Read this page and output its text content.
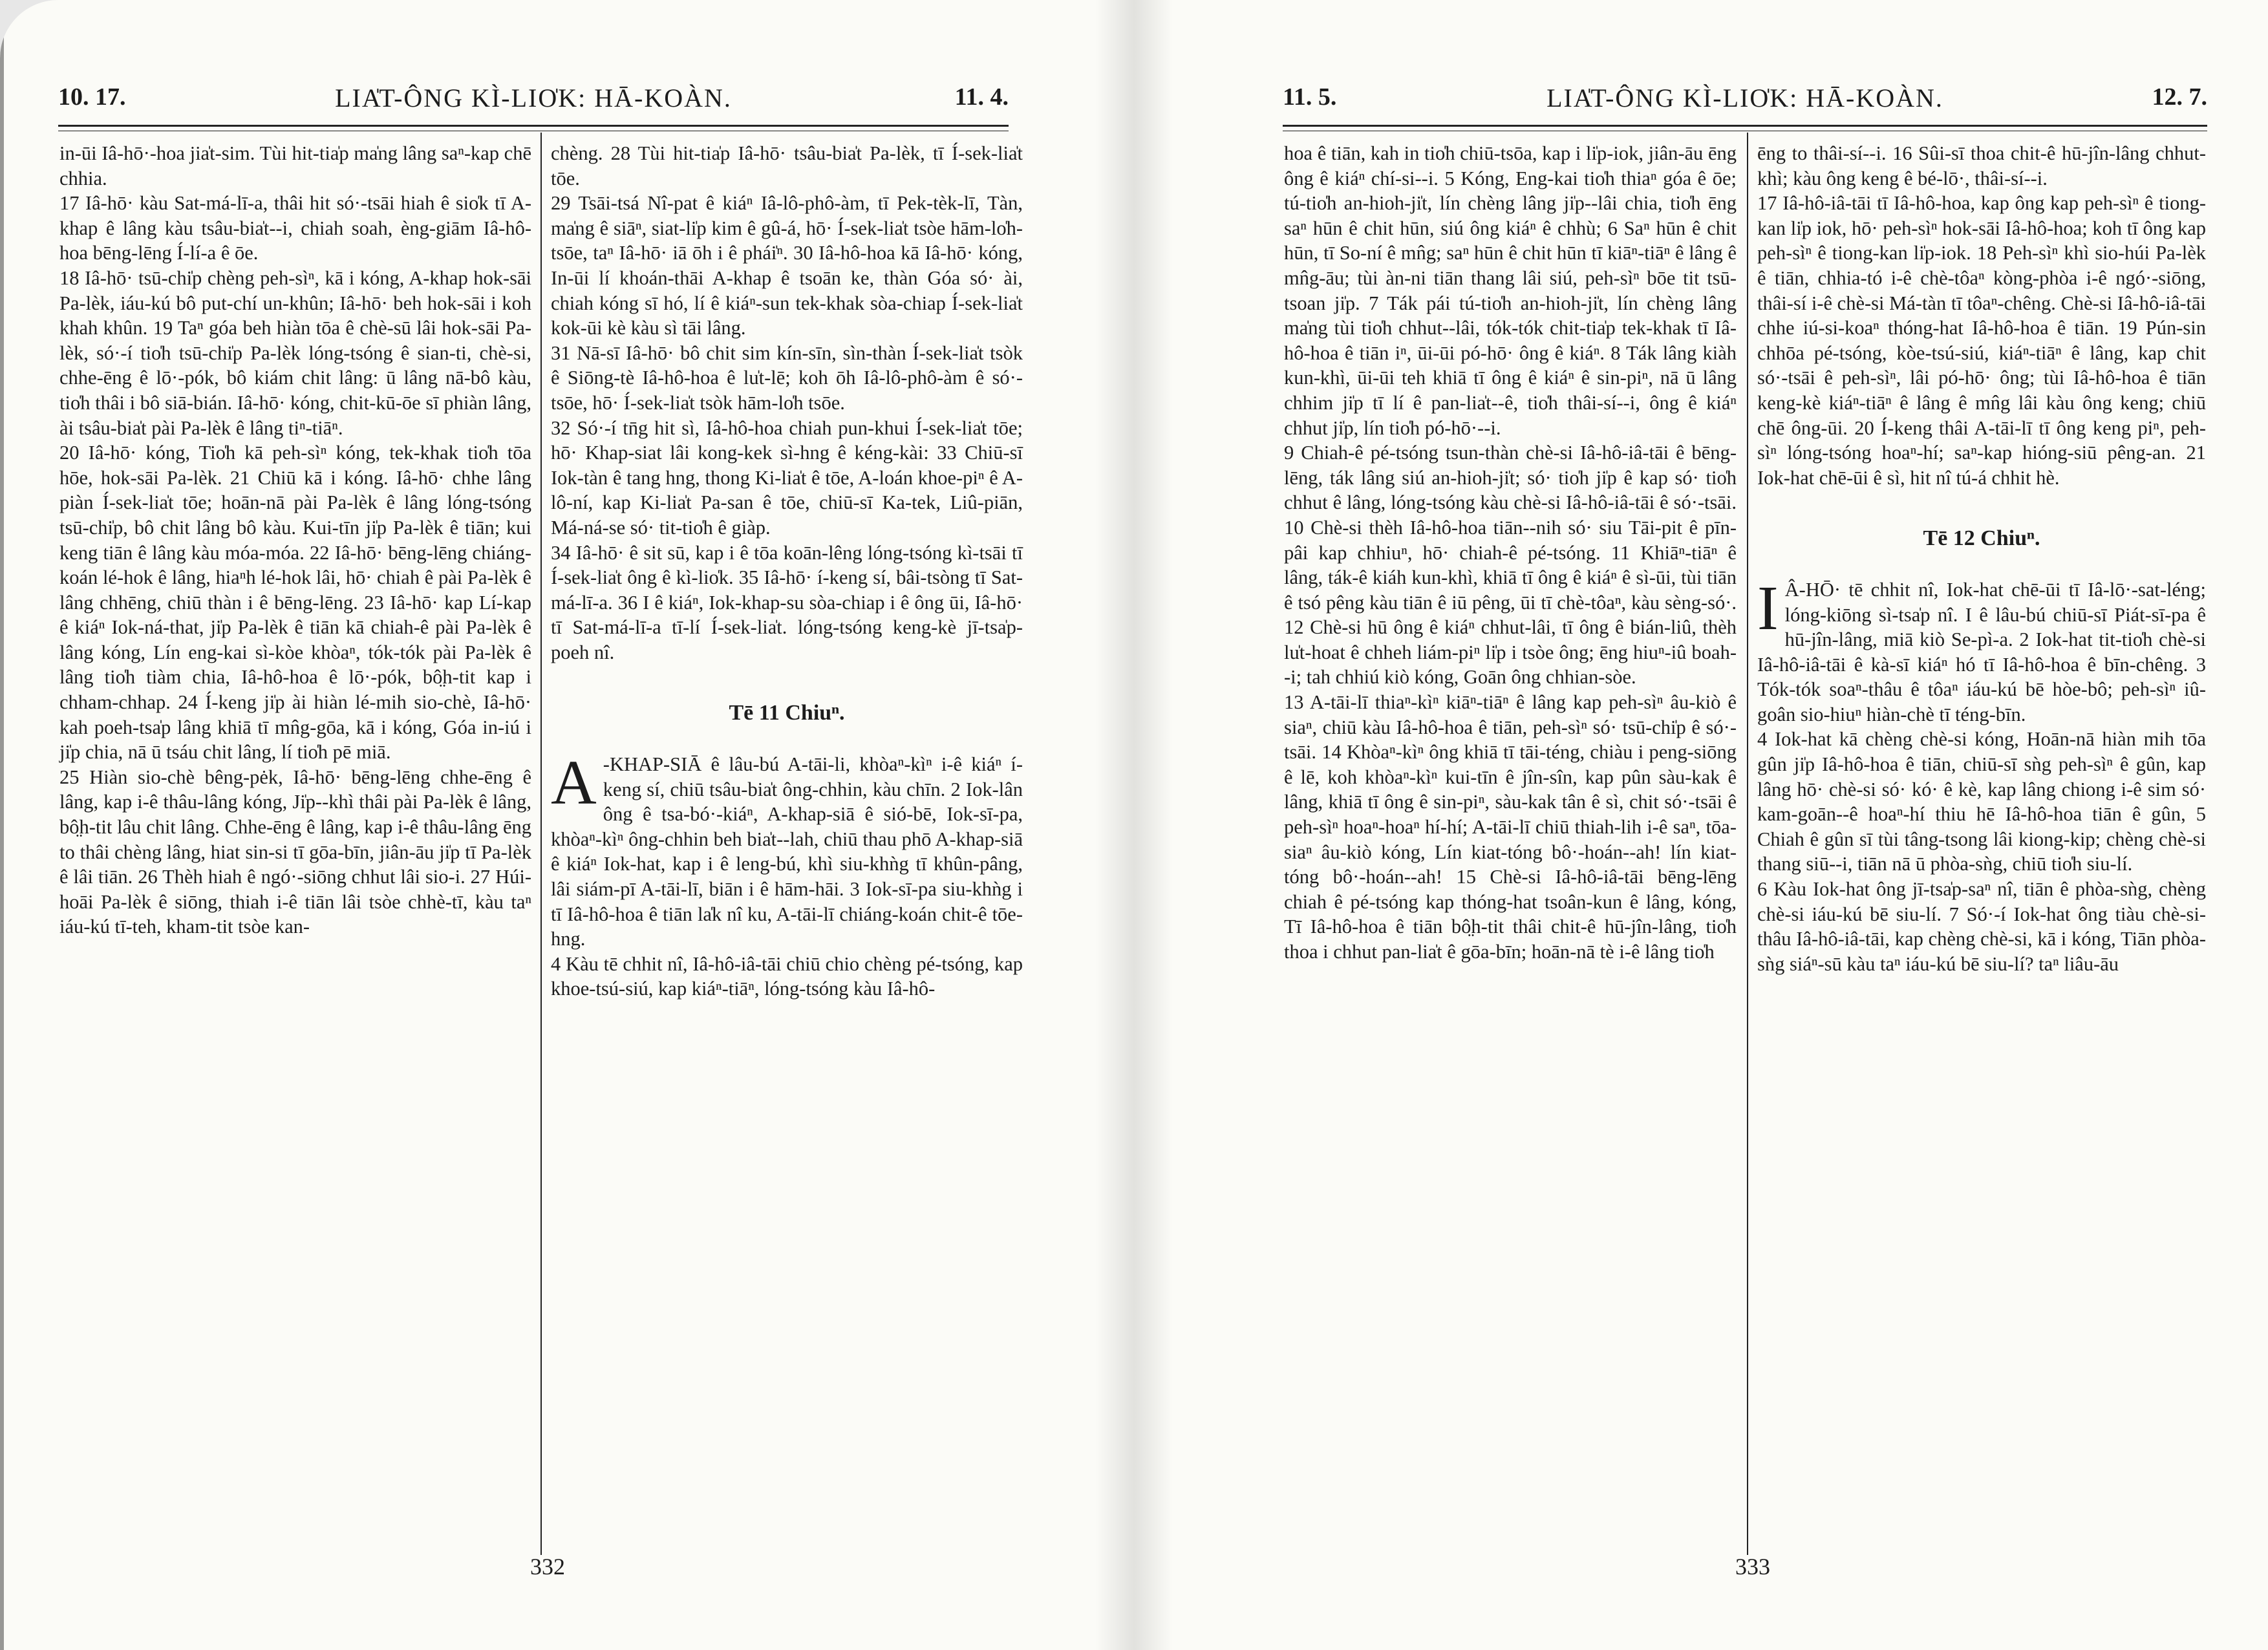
10. 17.	LIA̍T-ÔNG KÌ-LIO̍K: HĀ-KOÀN.	11. 4.

in-ūi Iâ-hō·-hoa jia̍t-sim. Tùi hit-tia̍p ma̍ng lâng saⁿ-kap chē chhia.

17 Iâ-hō· kàu Sat-má-lī-a, thâi hit só·-tsāi hiah ê sio̍k tī A-khap ê lâng kàu tsâu-bia̍t--i, chiah soah, èng-giām Iâ-hô-hoa bēng-lēng Í-lí-a ê ōe.

18 Iâ-hō· tsū-chi̍p chèng peh-sìⁿ, kā i kóng, A-khap hok-sāi Pa-lèk, iáu-kú bô put-chí un-khûn; Iâ-hō· beh hok-sāi i koh khah khûn. 19 Taⁿ góa beh hiàn tōa ê chè-sū lâi hok-sāi Pa-lèk, só·-í tio̍h tsū-chi̍p Pa-lèk lóng-tsóng ê sian-ti, chè-si, chhe-ēng ê lō·-pók, bô kiám chit lâng: ū lâng nā-bô kàu, tio̍h thâi i bô siā-bián. Iâ-hō· kóng, chit-kū-ōe sī phiàn lâng, ài tsâu-bia̍t pài Pa-lèk ê lâng tiⁿ-tiāⁿ.

20 Iâ-hō· kóng, Tio̍h kā peh-sìⁿ kóng, tek-khak tio̍h tōa hōe, hok-sāi Pa-lèk. 21 Chiū kā i kóng. Iâ-hō· chhe lâng piàn Í-sek-lia̍t tōe; hoān-nā pài Pa-lèk ê lâng lóng-tsóng tsū-chi̍p, bô chit lâng bô kàu. Kui-tīn ji̍p Pa-lèk ê tiān; kui keng tiān ê lâng kàu móa-móa. 22 Iâ-hō· bēng-lēng chiáng-koán lé-hok ê lâng, hiaⁿh lé-hok lâi, hō· chiah ê pài Pa-lèk ê lâng chhēng, chiū thàn i ê bēng-lēng. 23 Iâ-hō· kap Lí-kap ê kiáⁿ Iok-ná-that, ji̍p Pa-lèk ê tiān kā chiah-ê pài Pa-lèk ê lâng kóng, Lín eng-kai sì-kòe khòaⁿ, tók-tók pài Pa-lèk ê lâng tio̍h tiàm chia, Iâ-hô-hoa ê lō·-pók, bô̤h-tit kap i chham-chhap. 24 Í-keng ji̍p ài hiàn lé-mih sio-chè, Iâ-hō· kah poeh-tsa̍p lâng khiā tī mn̂g-gōa, kā i kóng, Góa in-iú i ji̍p chia, nā ū tsáu chit lâng, lí tio̍h pē miā.

25 Hiàn sio-chè bêng-pėk, Iâ-hō· bēng-lēng chhe-ēng ê lâng, kap i-ê thâu-lâng kóng, Ji̍p--khì thâi pài Pa-lèk ê lâng, bô̤h-tit lâu chit lâng. Chhe-ēng ê lâng, kap i-ê thâu-lâng ēng to thâi chèng lâng, hiat sin-si tī gōa-bīn, jiân-āu ji̍p tī Pa-lèk ê lâi tiān. 26 Thèh hiah ê ngó·-siōng chhut lâi sio-i. 27 Húi-hoāi Pa-lèk ê siōng, thiah i-ê tiān lâi tsòe chhè-tī, kàu taⁿ iáu-kú tī-teh, kham-tit tsòe kan-

chèng. 28 Tùi hit-tia̍p Iâ-hō· tsâu-bia̍t Pa-lèk, tī Í-sek-lia̍t tōe.

29 Tsāi-tsá Nî-pat ê kiáⁿ Iâ-lô-phô-àm, tī Pek-tèk-lī, Tàn, ma̍ng ê siāⁿ, siat-li̍p kim ê gû-á, hō· Í-sek-lia̍t tsòe hām-lo̍h-tsōe, taⁿ Iâ-hō· iā ōh i ê phái̍ⁿ. 30 Iâ-hô-hoa kā Iâ-hō· kóng, In-ūi lí khoán-thāi A-khap ê tsoān ke, thàn Góa só· ài, chiah kóng sī hó, lí ê kiáⁿ-sun tek-khak sòa-chiap Í-sek-lia̍t kok-ūi kè kàu sì tāi lâng.

31 Nā-sī Iâ-hō· bô chit sim kín-sīn, sìn-thàn Í-sek-lia̍t tsòk ê Siōng-tè Iâ-hô-hoa ê lu̍t-lē; koh ōh Iâ-lô-phô-àm ê só·-tsōe, hō· Í-sek-lia̍t tsòk hām-lo̍h tsōe.

32 Só·-í tn̄g hit sì, Iâ-hô-hoa chiah pun-khui Í-sek-lia̍t tōe; hō· Khap-siat lâi kong-kek sì-hng ê kéng-kài: 33 Chiū-sī Iok-tàn ê tang hng, thong Ki-lia̍t ê tōe, A-loán khoe-piⁿ ê A-lô-ní, kap Ki-lia̍t Pa-san ê tōe, chiū-sī Ka-tek, Liû-piān, Má-ná-se só· tit-tio̍h ê giàp.

34 Iâ-hō· ê sit sū, kap i ê tōa koān-lêng lóng-tsóng kì-tsāi tī Í-sek-lia̍t ông ê kì-lio̍k. 35 Iâ-hō· í-keng sí, bâi-tsòng tī Sat-má-lī-a. 36 I ê kiáⁿ, Iok-khap-su sòa-chiap i ê ông ūi, Iâ-hō· tī Sat-má-lī-a tī-lí Í-sek-lia̍t. lóng-tsóng keng-kè jī-tsa̍p-poeh nî.

Tē 11 Chiuⁿ.

A -KHAP-SIĀ ê lâu-bú A-tāi-li, khòaⁿ-kìⁿ i-ê kiáⁿ í-keng sí, chiū tsâu-bia̍t ông-chhin, kàu chīn. 2 Iok-lân ông ê tsa-bó·-kiáⁿ, A-khap-siā ê sió-bē, Iok-sī-pa, khòaⁿ-kìⁿ ông-chhin beh bia̍t--lah, chiū thau phō A-khap-siā ê kiáⁿ Iok-hat, kap i ê leng-bú, khì siu-khǹg tī khûn-pâng, lâi siám-pī A-tāi-lī, biān i ê hām-hāi. 3 Iok-sī-pa siu-khǹg i tī Iâ-hô-hoa ê tiān la̍k nî ku, A-tāi-lī chiáng-koán chit-ê tōe-hng.

4 Kàu tē chhit nî, Iâ-hô-iâ-tāi chiū chio chèng pé-tsóng, kap khoe-tsú-siú, kap kiáⁿ-tiāⁿ, lóng-tsóng kàu Iâ-hô-

332
11. 5.	LIA̍T-ÔNG KÌ-LIO̍K: HĀ-KOÀN.	12. 7.

hoa ê tiān, kah in tio̍h chiū-tsōa, kap i li̍p-iok, jiân-āu ēng ông ê kiáⁿ chí-si--i. 5 Kóng, Eng-kai tio̍h thiaⁿ góa ê ōe; tú-tio̍h an-hioh-ji̍t, lín chèng lâng ji̍p--lâi chia, tio̍h ēng saⁿ hūn ê chit hūn, siú ông kiáⁿ ê chhù; 6 Saⁿ hūn ê chit hūn, tī So-ní ê mn̂g; saⁿ hūn ê chit hūn tī kiāⁿ-tiāⁿ ê lâng ê mn̂g-āu; tùi àn-ni tiān thang lâi siú, peh-sìⁿ bōe tit tsū-tsoan ji̍p. 7 Ták pái tú-tio̍h an-hioh-ji̍t, lín chèng lâng ma̍ng tùi tio̍h chhut--lâi, tók-tók chit-tia̍p tek-khak tī Iâ-hô-hoa ê tiān iⁿ, ūi-ūi pó-hō· ông ê kiáⁿ. 8 Ták lâng kiàh kun-khì, ūi-ūi teh khiā tī ông ê kiáⁿ ê sin-piⁿ, nā ū lâng chhim ji̍p tī lí ê pan-lia̍t--ê, tio̍h thâi-sí--i, ông ê kiáⁿ chhut ji̍p, lín tio̍h pó-hō·--i.

9 Chiah-ê pé-tsóng tsun-thàn chè-si Iâ-hô-iâ-tāi ê bēng-lēng, ták lâng siú an-hioh-ji̍t; só· tio̍h ji̍p ê kap só· tio̍h chhut ê lâng, lóng-tsóng kàu chè-si Iâ-hô-iâ-tāi ê só·-tsāi. 10 Chè-si thèh Iâ-hô-hoa tiān--nih só· siu Tāi-pit ê pīn-pâi kap chhiuⁿ, hō· chiah-ê pé-tsóng. 11 Khiāⁿ-tiāⁿ ê lâng, ták-ê kiáh kun-khì, khiā tī ông ê kiáⁿ ê sì-ūi, tùi tiān ê tsó pêng kàu tiān ê iū pêng, ūi tī chè-tôaⁿ, kàu sèng-só·. 12 Chè-si hū ông ê kiáⁿ chhut-lâi, tī ông ê bián-liû, thèh lu̍t-hoat ê chheh liám-piⁿ li̍p i tsòe ông; ēng hiuⁿ-iû boah--i; tah chhiú kiò kóng, Goān ông chhian-sòe.

13 A-tāi-lī thiaⁿ-kìⁿ kiāⁿ-tiāⁿ ê lâng kap peh-sìⁿ âu-kiò ê siaⁿ, chiū kàu Iâ-hô-hoa ê tiān, peh-sìⁿ só· tsū-chi̍p ê só·-tsāi. 14 Khòaⁿ-kìⁿ ông khiā tī tāi-téng, chiàu i peng-siōng ê lē, koh khòaⁿ-kìⁿ kui-tīn ê jîn-sîn, kap pûn sàu-kak ê lâng, khiā tī ông ê sin-piⁿ, sàu-kak tân ê sì, chit só·-tsāi ê peh-sìⁿ hoaⁿ-hoaⁿ hí-hí; A-tāi-lī chiū thiah-lih i-ê saⁿ, tōa-siaⁿ âu-kiò kóng, Lín kiat-tóng bô·-hoán--ah! lín kiat-tóng bô·-hoán--ah! 15 Chè-si Iâ-hô-iâ-tāi bēng-lēng chiah ê pé-tsóng kap thóng-hat tsoân-kun ê lâng, kóng, Tī Iâ-hô-hoa ê tiān bô̤h-tit thâi chit-ê hū-jîn-lâng, tio̍h thoa i chhut pan-lia̍t ê gōa-bīn; hoān-nā tè i-ê lâng tio̍h

ēng to thâi-sí--i. 16 Sûi-sī thoa chit-ê hū-jîn-lâng chhut-khì; kàu ông keng ê bé-lō·, thâi-sí--i.

17 Iâ-hô-iâ-tāi tī Iâ-hô-hoa, kap ông kap peh-sìⁿ ê tiong-kan li̍p iok, hō· peh-sìⁿ hok-sāi Iâ-hô-hoa; koh tī ông kap peh-sìⁿ ê tiong-kan li̍p-iok. 18 Peh-sìⁿ khì sio-húi Pa-lèk ê tiān, chhia-tó i-ê chè-tôaⁿ kòng-phòa i-ê ngó·-siōng, thâi-sí i-ê chè-si Má-tàn tī tôaⁿ-chêng. Chè-si Iâ-hô-iâ-tāi chhe iú-si-koaⁿ thóng-hat Iâ-hô-hoa ê tiān. 19 Pún-sin chhōa pé-tsóng, kòe-tsú-siú, kiáⁿ-tiāⁿ ê lâng, kap chit só·-tsāi ê peh-sìⁿ, lâi pó-hō· ông; tùi Iâ-hô-hoa ê tiān keng-kè kiáⁿ-tiāⁿ ê lâng ê mn̂g lâi kàu ông keng; chiū chē ông-ūi. 20 Í-keng thâi A-tāi-lī tī ông keng piⁿ, peh-sìⁿ lóng-tsóng hoaⁿ-hí; saⁿ-kap hióng-siū pêng-an. 21 Iok-hat chē-ūi ê sì, hit nî tú-á chhit hè.

Tē 12 Chiuⁿ.

I Â-HŌ· tē chhit nî, Iok-hat chē-ūi tī Iâ-lō·-sat-léng; lóng-kiōng sì-tsa̍p nî. I ê lâu-bú chiū-sī Piát-sī-pa ê hū-jîn-lâng, miā kiò Se-pì-a. 2 Iok-hat tit-tio̍h chè-si Iâ-hô-iâ-tāi ê kà-sī kiáⁿ hó tī Iâ-hô-hoa ê bīn-chêng. 3 Tók-tók soaⁿ-thâu ê tôaⁿ iáu-kú bē hòe-bô; peh-sìⁿ iû-goân sio-hiuⁿ hiàn-chè tī téng-bīn.

4 Iok-hat kā chèng chè-si kóng, Hoān-nā hiàn mih tōa gûn ji̍p Iâ-hô-hoa ê tiān, chiū-sī sǹg peh-sìⁿ ê gûn, kap lâng hō· chè-si só· kó· ê kè, kap lâng chiong i-ê sim só· kam-goān--ê hoaⁿ-hí thiu hē Iâ-hô-hoa tiān ê gûn, 5 Chiah ê gûn sī tùi tâng-tsong lâi kiong-kip; chèng chè-si thang siū--i, tiān nā ū phòa-sǹg, chiū tio̍h siu-lí.

6 Kàu Iok-hat ông jī-tsa̍p-saⁿ nî, tiān ê phòa-sǹg, chèng chè-si iáu-kú bē siu-lí. 7 Só·-í Iok-hat ông tiàu chè-si-thâu Iâ-hô-iâ-tāi, kap chèng chè-si, kā i kóng, Tiān phòa-sǹg siáⁿ-sū kàu taⁿ iáu-kú bē siu-lí? taⁿ liâu-āu

333
